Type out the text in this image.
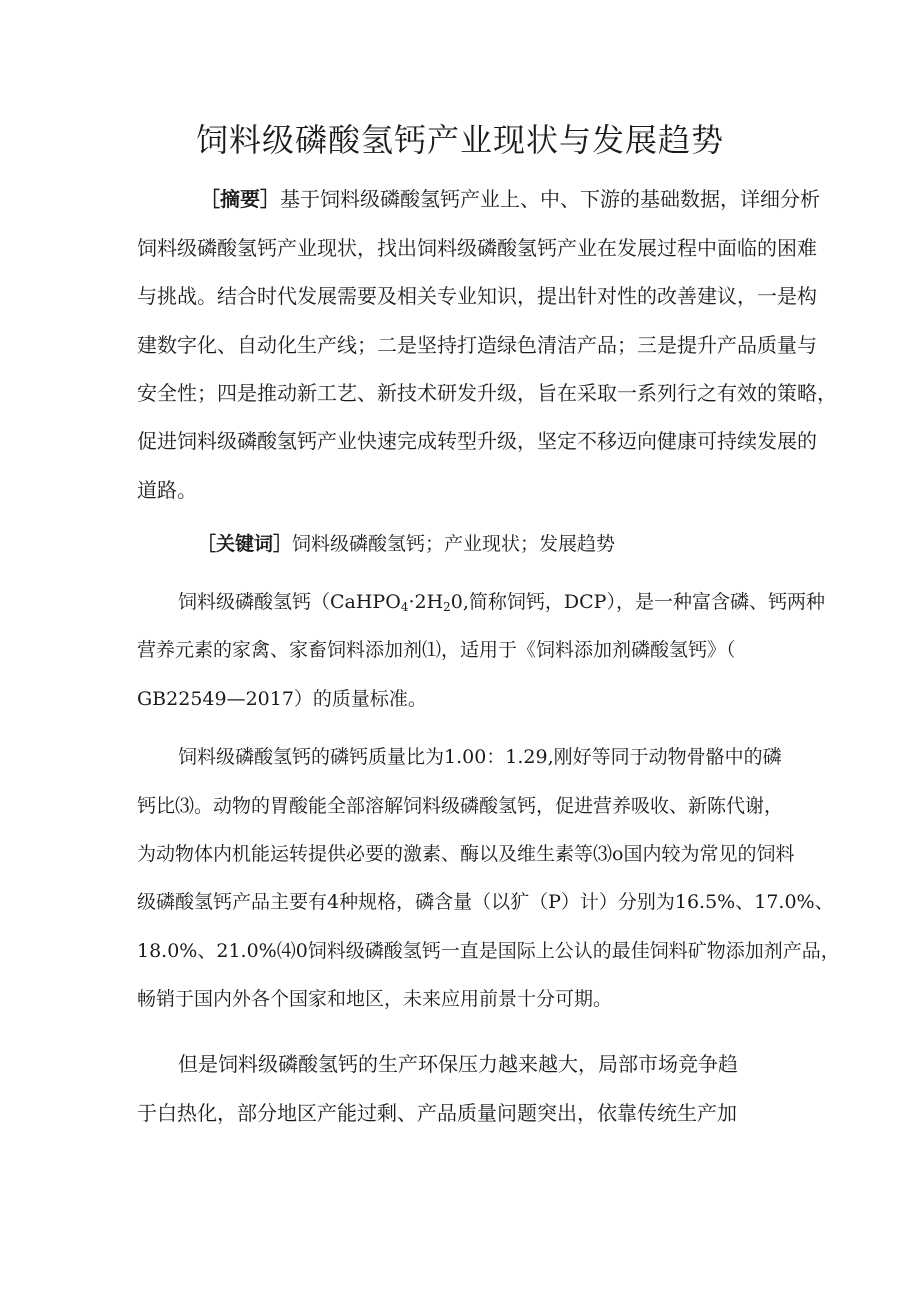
饲料级磷酸氢钙产业现状与发展趋势
［摘要］基于饲料级磷酸氢钙产业上、中、下游的基础数据，详细分析
饲料级磷酸氢钙产业现状，找出饲料级磷酸氢钙产业在发展过程中面临的困难
与挑战。结合时代发展需要及相关专业知识，提出针对性的改善建议，一是构
建数字化、自动化生产线；二是坚持打造绿色清洁产品；三是提升产品质量与
安全性；四是推动新工艺、新技术研发升级，旨在采取一系列行之有效的策略，
促进饲料级磷酸氢钙产业快速完成转型升级，坚定不移迈向健康可持续发展的
道路。
［关键词］饲料级磷酸氢钙；产业现状；发展趋势
饲料级磷酸氢钙（$CaHPO_4\cdot 2H_20$,简称饲钙，DCP），是一种富含磷、钙两种
营养元素的家禽、家畜饲料添加剂⑴，适用于《饲料添加剂磷酸氢钙》（
GB22549—2017）的质量标准。
饲料级磷酸氢钙的磷钙质量比为1.00：1.29,刚好等同于动物骨骼中的磷
钙比⑶。动物的胃酸能全部溶解饲料级磷酸氢钙，促进营养吸收、新陈代谢，
为动物体内机能运转提供必要的激素、酶以及维生素等⑶o国内较为常见的饲料
级磷酸氢钙产品主要有4种规格，磷含量（以犷（P）计）分别为16.5%、17.0%、
18.0%、21.0%⑷0饲料级磷酸氢钙一直是国际上公认的最佳饲料矿物添加剂产品，
畅销于国内外各个国家和地区，未来应用前景十分可期。
但是饲料级磷酸氢钙的生产环保压力越来越大，局部市场竞争趋
于白热化，部分地区产能过剩、产品质量问题突出，依靠传统生产加
